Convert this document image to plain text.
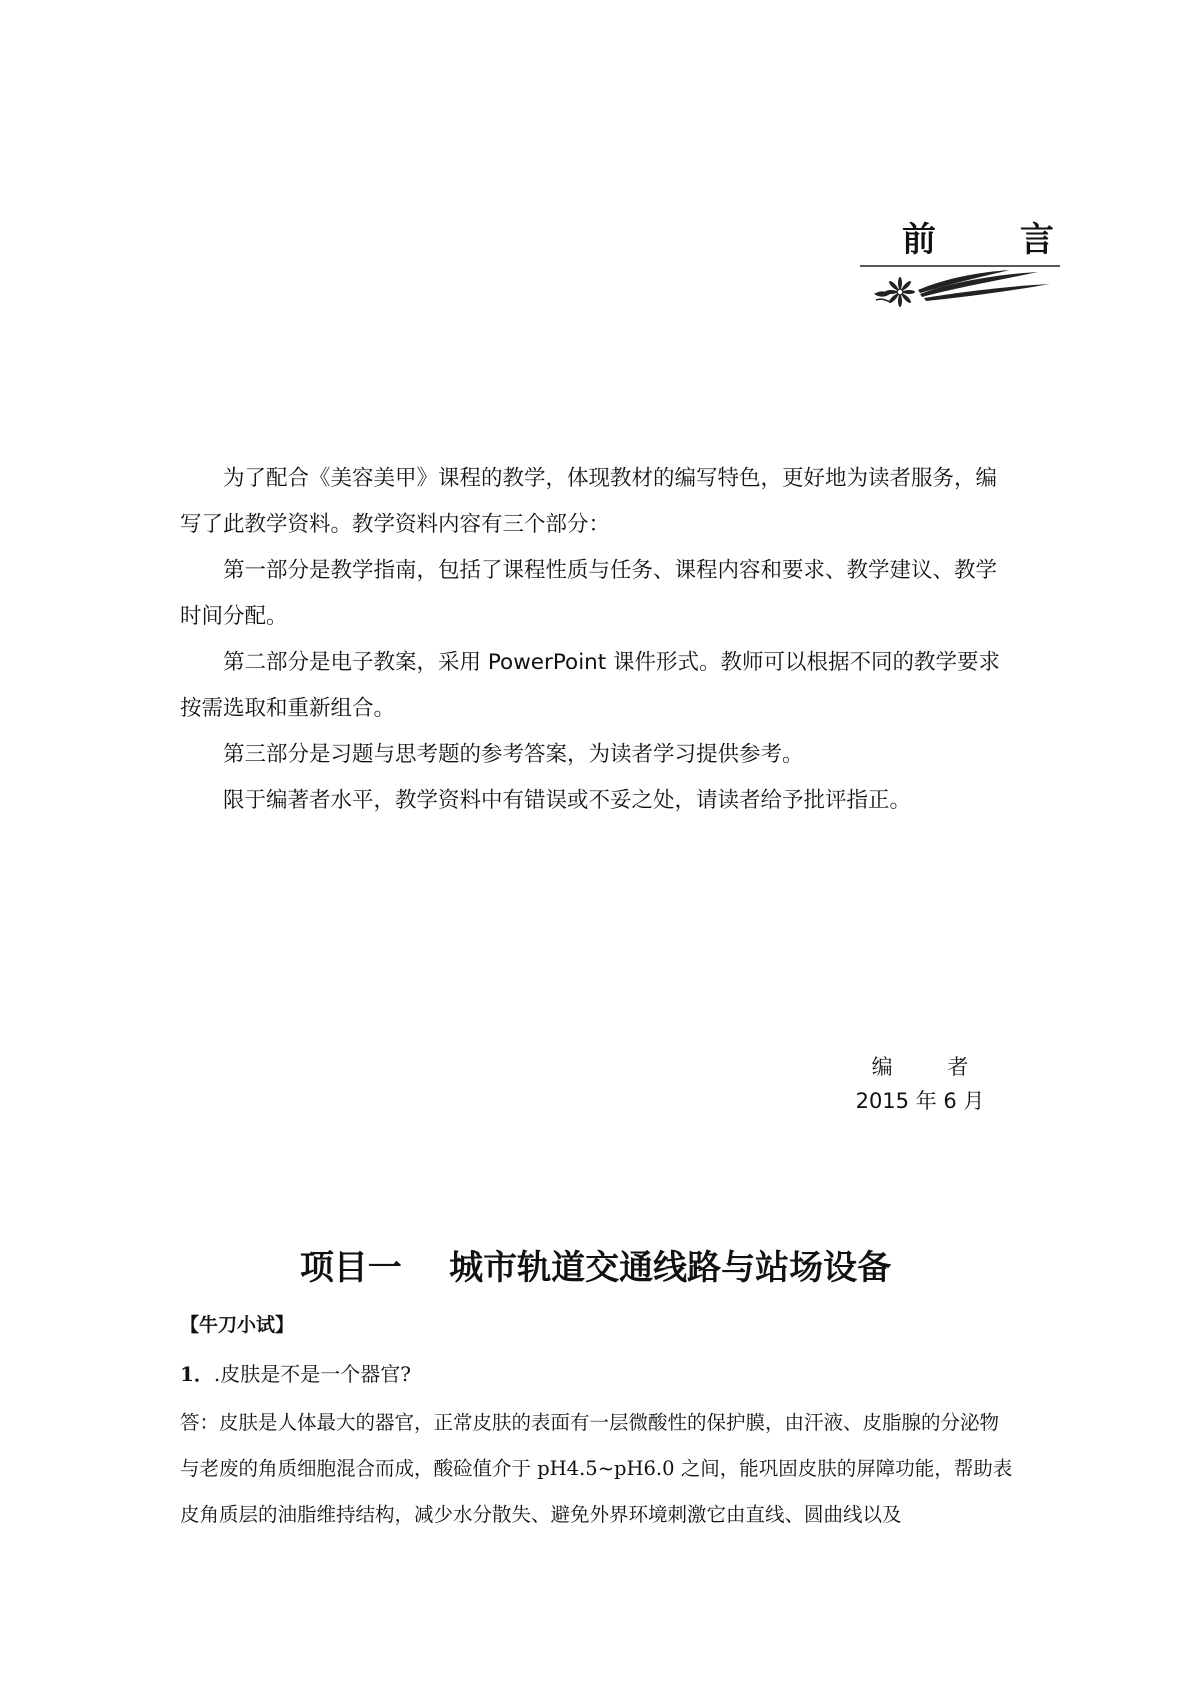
前 言

为了配合《美容美甲》课程的教学，体现教材的编写特色，更好地为读者服务，编写了此教学资料。教学资料内容有三个部分：

第一部分是教学指南，包括了课程性质与任务、课程内容和要求、教学建议、教学时间分配。

第二部分是电子教案，采用 PowerPoint 课件形式。教师可以根据不同的教学要求按需选取和重新组合。

第三部分是习题与思考题的参考答案，为读者学习提供参考。

限于编著者水平，教学资料中有错误或不妥之处，请读者给予批评指正。

编 者
2015 年 6 月
项目一    城市轨道交通线路与站场设备
【牛刀小试】
1．.皮肤是不是一个器官?

答：皮肤是人体最大的器官，正常皮肤的表面有一层微酸性的保护膜，由汗液、皮脂腺的分泌物与老废的角质细胞混合而成，酸硷值介于 pH4.5~pH6.0 之间，能巩固皮肤的屏障功能，帮助表皮角质层的油脂维持结构，减少水分散失、避免外界环境刺激它由直线、圆曲线以及
